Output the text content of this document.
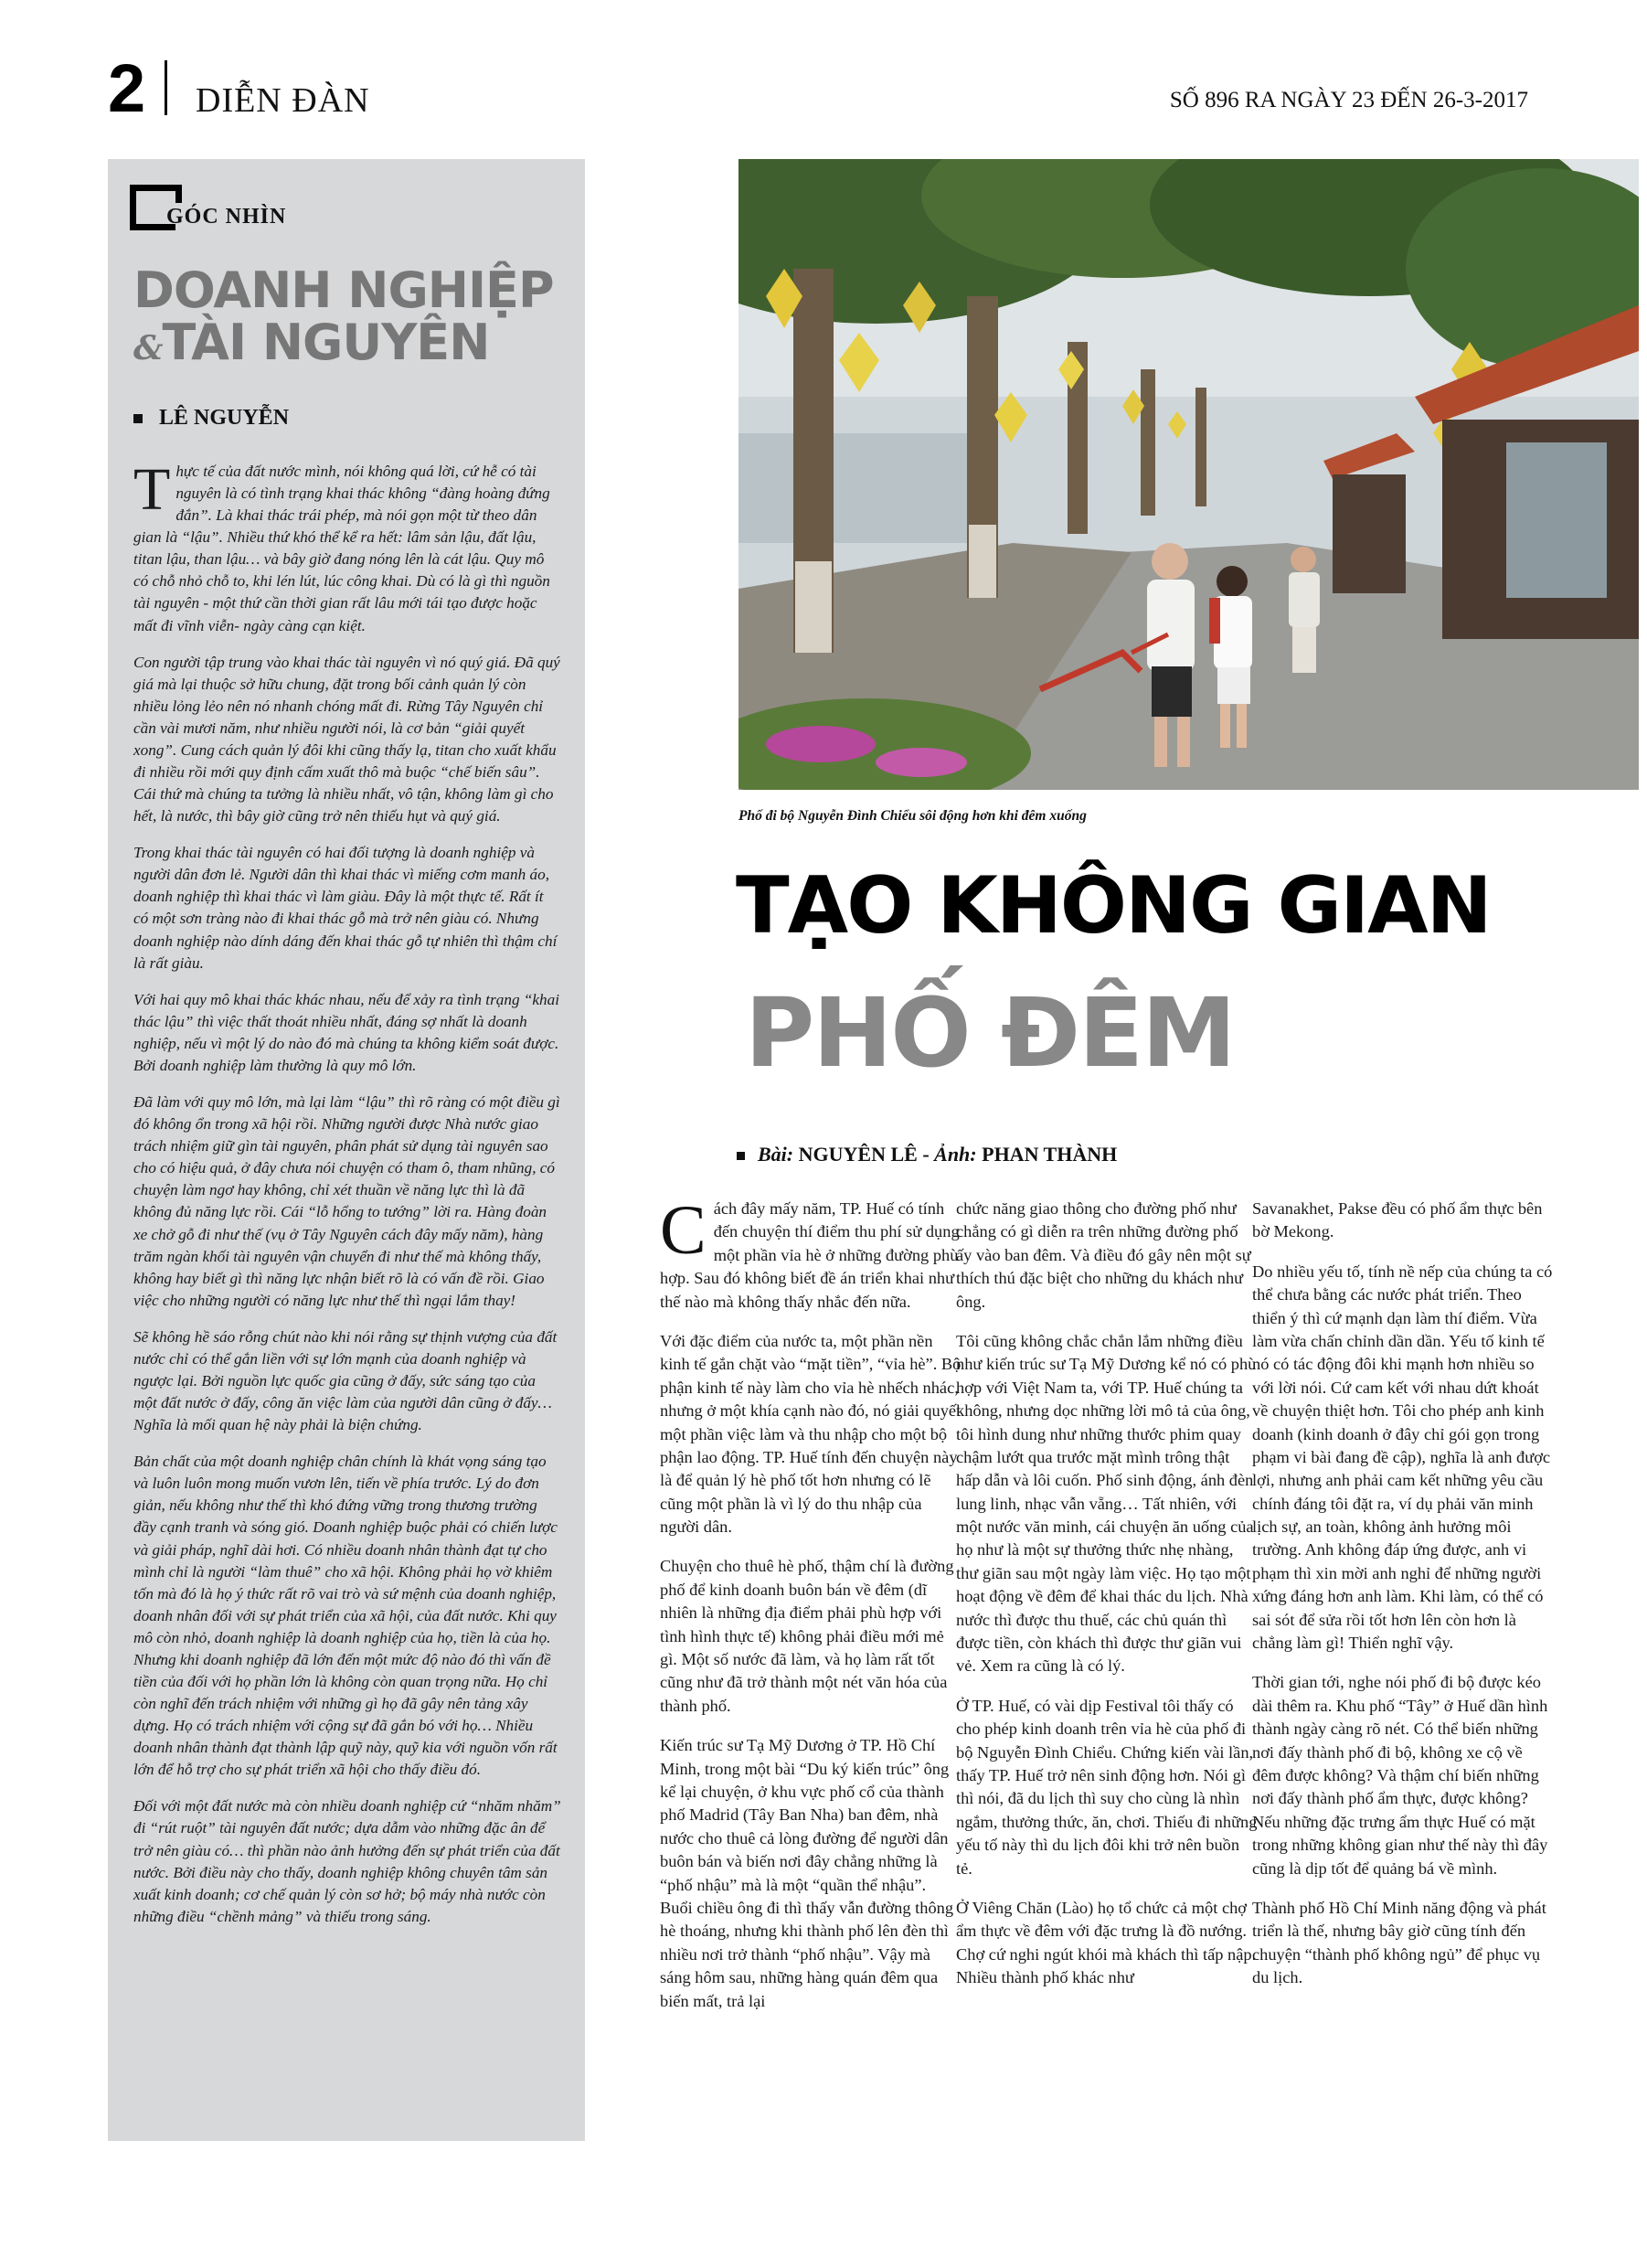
2 DIỄN ĐÀN	SỐ 896 RA NGÀY 23 ĐẾN 26-3-2017
GÓC NHÌN
DOANH NGHIỆP
&TÀI NGUYÊN
LÊ NGUYỄN

Thực tế của đất nước mình, nói không quá lời, cứ hễ có tài nguyên là có tình trạng khai thác không “đàng hoàng đứng đắn”. Là khai thác trái phép, mà nói gọn một từ theo dân gian là “lậu”. Nhiều thứ khó thể kể ra hết: lâm sản lậu, đất lậu, titan lậu, than lậu… và bây giờ đang nóng lên là cát lậu. Quy mô có chỗ nhỏ chỗ to, khi lén lút, lúc công khai. Dù có là gì thì nguồn tài nguyên - một thứ cần thời gian rất lâu mới tái tạo được hoặc mất đi vĩnh viễn- ngày càng cạn kiệt.

Con người tập trung vào khai thác tài nguyên vì nó quý giá. Đã quý giá mà lại thuộc sở hữu chung, đặt trong bối cảnh quản lý còn nhiều lỏng lẻo nên nó nhanh chóng mất đi. Rừng Tây Nguyên chỉ cần vài mươi năm, như nhiều người nói, là cơ bản “giải quyết xong”. Cung cách quản lý đôi khi cũng thấy lạ, titan cho xuất khẩu đi nhiều rồi mới quy định cấm xuất thô mà buộc “chế biến sâu”. Cái thứ mà chúng ta tưởng là nhiều nhất, vô tận, không làm gì cho hết, là nước, thì bây giờ cũng trở nên thiếu hụt và quý giá.

Trong khai thác tài nguyên có hai đối tượng là doanh nghiệp và người dân đơn lẻ. Người dân thì khai thác vì miếng cơm manh áo, doanh nghiệp thì khai thác vì làm giàu. Đây là một thực tế. Rất ít có một sơn tràng nào đi khai thác gỗ mà trở nên giàu có. Nhưng doanh nghiệp nào dính dáng đến khai thác gỗ tự nhiên thì thậm chí là rất giàu.

Với hai quy mô khai thác khác nhau, nếu để xảy ra tình trạng “khai thác lậu” thì việc thất thoát nhiều nhất, đáng sợ nhất là doanh nghiệp, nếu vì một lý do nào đó mà chúng ta không kiểm soát được. Bởi doanh nghiệp làm thường là quy mô lớn.

Đã làm với quy mô lớn, mà lại làm “lậu” thì rõ ràng có một điều gì đó không ổn trong xã hội rồi. Những người được Nhà nước giao trách nhiệm giữ gìn tài nguyên, phân phát sử dụng tài nguyên sao cho có hiệu quả, ở đây chưa nói chuyện có tham ô, tham nhũng, có chuyện làm ngơ hay không, chỉ xét thuần về năng lực thì là đã không đủ năng lực rồi. Cái “lỗ hổng to tướng” lời ra. Hàng đoàn xe chở gỗ đi như thế (vụ ở Tây Nguyên cách đây mấy năm), hàng trăm ngàn khối tài nguyên vận chuyển đi như thế mà không thấy, không hay biết gì thì năng lực nhận biết rõ là có vấn đề rồi. Giao việc cho những người có năng lực như thế thì ngại lắm thay!

Sẽ không hề sáo rỗng chút nào khi nói rằng sự thịnh vượng của đất nước chỉ có thể gắn liền với sự lớn mạnh của doanh nghiệp và ngược lại. Bởi nguồn lực quốc gia cũng ở đấy, sức sáng tạo của một đất nước ở đấy, công ăn việc làm của người dân cũng ở đấy… Nghĩa là mối quan hệ này phải là biện chứng.

Bản chất của một doanh nghiệp chân chính là khát vọng sáng tạo và luôn luôn mong muốn vươn lên, tiến về phía trước. Lý do đơn giản, nếu không như thế thì khó đứng vững trong thương trường đầy cạnh tranh và sóng gió. Doanh nghiệp buộc phải có chiến lược và giải pháp, nghĩ dài hơi. Có nhiều doanh nhân thành đạt tự cho mình chỉ là người “làm thuê” cho xã hội. Không phải họ vờ khiêm tốn mà đó là họ ý thức rất rõ vai trò và sứ mệnh của doanh nghiệp, doanh nhân đối với sự phát triển của xã hội, của đất nước. Khi quy mô còn nhỏ, doanh nghiệp là doanh nghiệp của họ, tiền là của họ. Nhưng khi doanh nghiệp đã lớn đến một mức độ nào đó thì vấn đề tiền của đối với họ phần lớn là không còn quan trọng nữa. Họ chỉ còn nghĩ đến trách nhiệm với những gì họ đã gây nên tảng xây dựng. Họ có trách nhiệm với cộng sự đã gắn bó với họ… Nhiều doanh nhân thành đạt thành lập quỹ này, quỹ kia với nguồn vốn rất lớn để hỗ trợ cho sự phát triển xã hội cho thấy điều đó.

Đối với một đất nước mà còn nhiều doanh nghiệp cứ “nhăm nhăm” đi “rút ruột” tài nguyên đất nước; dựa dẫm vào những đặc ân để trở nên giàu có… thì phần nào ảnh hưởng đến sự phát triển của đất nước. Bởi điều này cho thấy, doanh nghiệp không chuyên tâm sản xuất kinh doanh; cơ chế quản lý còn sơ hở; bộ máy nhà nước còn những điều “chềnh mảng” và thiếu trong sáng.

Phố đi bộ Nguyễn Đình Chiểu sôi động hơn khi đêm xuống
TẠO KHÔNG GIAN
PHỐ ĐÊM
Bài: NGUYÊN LÊ - Ảnh: PHAN THÀNH

Cách đây mấy năm, TP. Huế có tính đến chuyện thí điểm thu phí sử dụng một phần vỉa hè ở những đường phù hợp. Sau đó không biết đề án triển khai như thế nào mà không thấy nhắc đến nữa.

Với đặc điểm của nước ta, một phần nền kinh tế gắn chặt vào “mặt tiền”, “vỉa hè”. Bộ phận kinh tế này làm cho vỉa hè nhếch nhác, nhưng ở một khía cạnh nào đó, nó giải quyết một phần việc làm và thu nhập cho một bộ phận lao động. TP. Huế tính đến chuyện này là để quản lý hè phố tốt hơn nhưng có lẽ cũng một phần là vì lý do thu nhập của người dân.

Chuyện cho thuê hè phố, thậm chí là đường phố để kinh doanh buôn bán về đêm (dĩ nhiên là những địa điểm phải phù hợp với tình hình thực tế) không phải điều mới mẻ gì. Một số nước đã làm, và họ làm rất tốt cũng như đã trở thành một nét văn hóa của thành phố.

Kiến trúc sư Tạ Mỹ Dương ở TP. Hồ Chí Minh, trong một bài “Du ký kiến trúc” ông kể lại chuyện, ở khu vực phố cổ của thành phố Madrid (Tây Ban Nha) ban đêm, nhà nước cho thuê cả lòng đường để người dân buôn bán và biến nơi đây chẳng những là “phố nhậu” mà là một “quần thể nhậu”. Buổi chiều ông đi thì thấy vẫn đường thông hè thoáng, nhưng khi thành phố lên đèn thì nhiều nơi trở thành “phố nhậu”. Vậy mà sáng hôm sau, những hàng quán đêm qua biến mất, trả lại

chức năng giao thông cho đường phố như chẳng có gì diễn ra trên những đường phố ấy vào ban đêm. Và điều đó gây nên một sự thích thú đặc biệt cho những du khách như ông.

Tôi cũng không chắc chắn lắm những điều như kiến trúc sư Tạ Mỹ Dương kể nó có phù hợp với Việt Nam ta, với TP. Huế chúng ta không, nhưng dọc những lời mô tả của ông, tôi hình dung như những thước phim quay chậm lướt qua trước mặt mình trông thật hấp dẫn và lôi cuốn. Phố sinh động, ánh đèn lung linh, nhạc vẫn vẵng… Tất nhiên, với một nước văn minh, cái chuyện ăn uống của họ như là một sự thưởng thức nhẹ nhàng, thư giãn sau một ngày làm việc. Họ tạo một hoạt động về đêm để khai thác du lịch. Nhà nước thì được thu thuế, các chủ quán thì được tiền, còn khách thì được thư giãn vui vẻ. Xem ra cũng là có lý.

Ở TP. Huế, có vài dịp Festival tôi thấy có cho phép kinh doanh trên vỉa hè của phố đi bộ Nguyễn Đình Chiểu. Chứng kiến vài lần, thấy TP. Huế trở nên sinh động hơn. Nói gì thì nói, đã du lịch thì suy cho cùng là nhìn ngắm, thưởng thức, ăn, chơi. Thiếu đi những yếu tố này thì du lịch đôi khi trở nên buồn tẻ.

Ở Viêng Chăn (Lào) họ tổ chức cả một chợ ẩm thực về đêm với đặc trưng là đồ nướng. Chợ cứ nghi ngút khói mà khách thì tấp nập. Nhiều thành phố khác như

Savanakhet, Pakse đều có phố ẩm thực bên bờ Mekong.

Do nhiều yếu tố, tính nề nếp của chúng ta có thể chưa bằng các nước phát triển. Theo thiển ý thì cứ mạnh dạn làm thí điểm. Vừa làm vừa chấn chỉnh dần dần. Yếu tố kinh tế nó có tác động đôi khi mạnh hơn nhiều so với lời nói. Cứ cam kết với nhau dứt khoát về chuyện thiệt hơn. Tôi cho phép anh kinh doanh (kinh doanh ở đây chỉ gói gọn trong phạm vi bài đang đề cập), nghĩa là anh được lợi, nhưng anh phải cam kết những yêu cầu chính đáng tôi đặt ra, ví dụ phải văn minh lịch sự, an toàn, không ảnh hưởng môi trường. Anh không đáp ứng được, anh vi phạm thì xin mời anh nghỉ để những người xứng đáng hơn anh làm. Khi làm, có thể có sai sót để sửa rồi tốt hơn lên còn hơn là chẳng làm gì! Thiển nghĩ vậy.

Thời gian tới, nghe nói phố đi bộ được kéo dài thêm ra. Khu phố “Tây” ở Huế dần hình thành ngày càng rõ nét. Có thể biến những nơi đấy thành phố đi bộ, không xe cộ về đêm được không? Và thậm chí biến những nơi đấy thành phố ẩm thực, được không? Nếu những đặc trưng ẩm thực Huế có mặt trong những không gian như thế này thì đây cũng là dịp tốt để quảng bá về mình.

Thành phố Hồ Chí Minh năng động và phát triển là thế, nhưng bây giờ cũng tính đến chuyện “thành phố không ngủ” để phục vụ du lịch.
